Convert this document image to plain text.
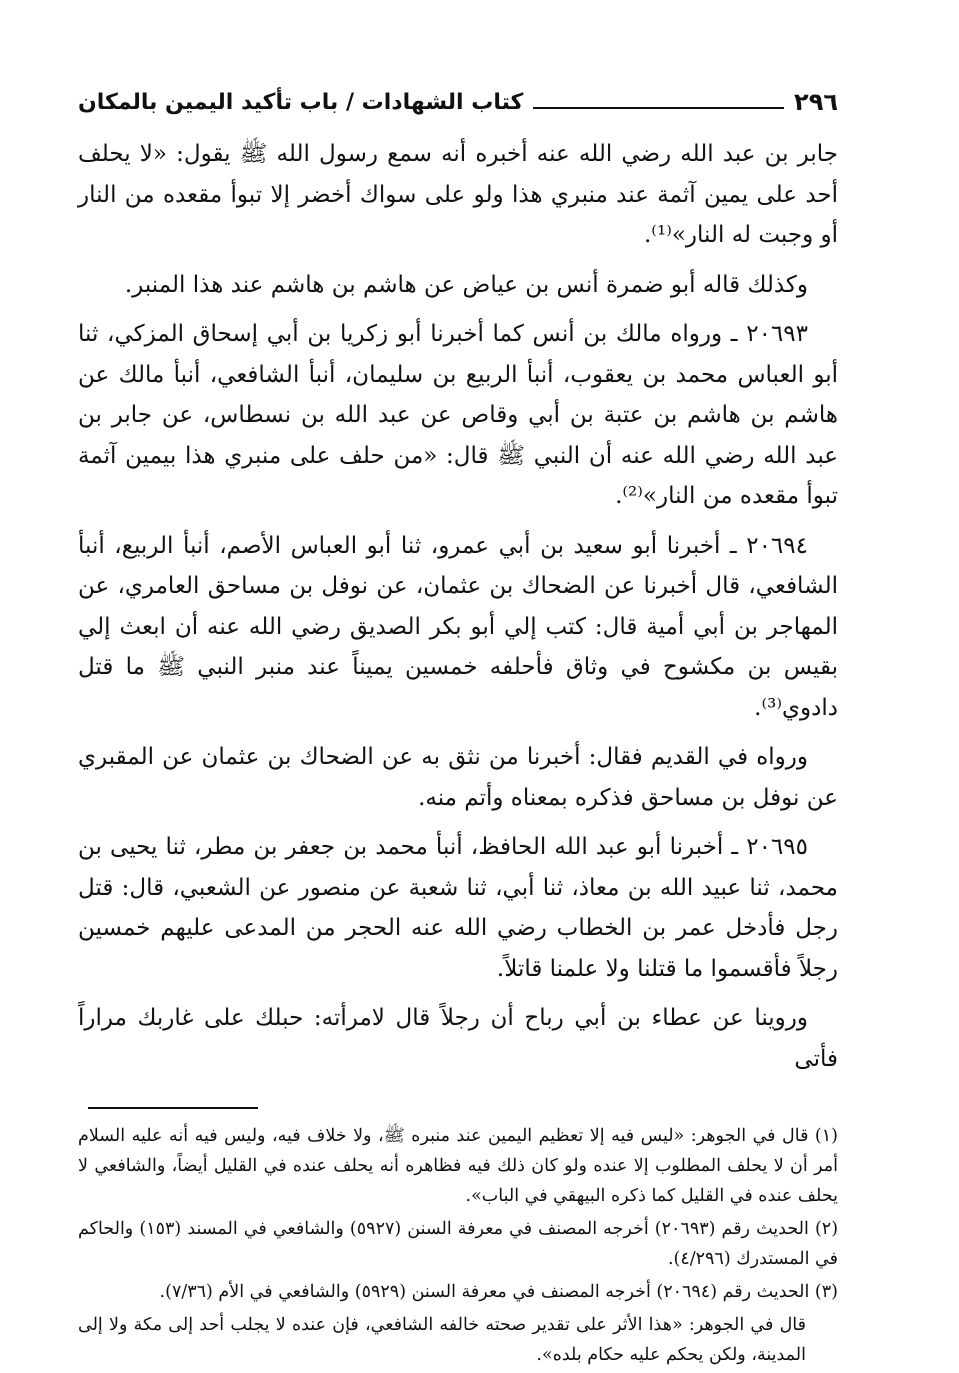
٢٩٦
كتاب الشهادات / باب تأكيد اليمين بالمكان

جابر بن عبد الله رضي الله عنه أخبره أنه سمع رسول الله ﷺ يقول: «لا يحلف أحد على يمين آثمة عند منبري هذا ولو على سواك أخضر إلا تبوأ مقعده من النار أو وجبت له النار»⁽¹⁾.

وكذلك قاله أبو ضمرة أنس بن عياض عن هاشم بن هاشم عند هذا المنبر.

٢٠٦٩٣ ـ ورواه مالك بن أنس كما أخبرنا أبو زكريا بن أبي إسحاق المزكي، ثنا أبو العباس محمد بن يعقوب، أنبأ الربيع بن سليمان، أنبأ الشافعي، أنبأ مالك عن هاشم بن هاشم بن عتبة بن أبي وقاص عن عبد الله بن نسطاس، عن جابر بن عبد الله رضي الله عنه أن النبي ﷺ قال: «من حلف على منبري هذا بيمين آثمة تبوأ مقعده من النار»⁽²⁾.

٢٠٦٩٤ ـ أخبرنا أبو سعيد بن أبي عمرو، ثنا أبو العباس الأصم، أنبأ الربيع، أنبأ الشافعي، قال أخبرنا عن الضحاك بن عثمان، عن نوفل بن مساحق العامري، عن المهاجر بن أبي أمية قال: كتب إلي أبو بكر الصديق رضي الله عنه أن ابعث إلي بقيس بن مكشوح في وثاق فأحلفه خمسين يميناً عند منبر النبي ﷺ ما قتل دادوي⁽³⁾.

ورواه في القديم فقال: أخبرنا من نثق به عن الضحاك بن عثمان عن المقبري عن نوفل بن مساحق فذكره بمعناه وأتم منه.

٢٠٦٩٥ ـ أخبرنا أبو عبد الله الحافظ، أنبأ محمد بن جعفر بن مطر، ثنا يحيى بن محمد، ثنا عبيد الله بن معاذ، ثنا أبي، ثنا شعبة عن منصور عن الشعبي، قال: قتل رجل فأدخل عمر بن الخطاب رضي الله عنه الحجر من المدعى عليهم خمسين رجلاً فأقسموا ما قتلنا ولا علمنا قاتلاً.

وروينا عن عطاء بن أبي رباح أن رجلاً قال لامرأته: حبلك على غاربك مراراً فأتى

(١) قال في الجوهر: «ليس فيه إلا تعظيم اليمين عند منبره ﷺ، ولا خلاف فيه، وليس فيه أنه عليه السلام أمر أن لا يحلف المطلوب إلا عنده ولو كان ذلك فيه فظاهره أنه يحلف عنده في القليل أيضاً، والشافعي لا يحلف عنده في القليل كما ذكره البيهقي في الباب».

(٢) الحديث رقم (٢٠٦٩٣) أخرجه المصنف في معرفة السنن (٥٩٢٧) والشافعي في المسند (١٥٣) والحاكم في المستدرك (٤/٢٩٦).

(٣) الحديث رقم (٢٠٦٩٤) أخرجه المصنف في معرفة السنن (٥٩٢٩) والشافعي في الأم (٧/٣٦).

قال في الجوهر: «هذا الأثر على تقدير صحته خالفه الشافعي، فإن عنده لا يجلب أحد إلى مكة ولا إلى المدينة، ولكن يحكم عليه حكام بلده».
